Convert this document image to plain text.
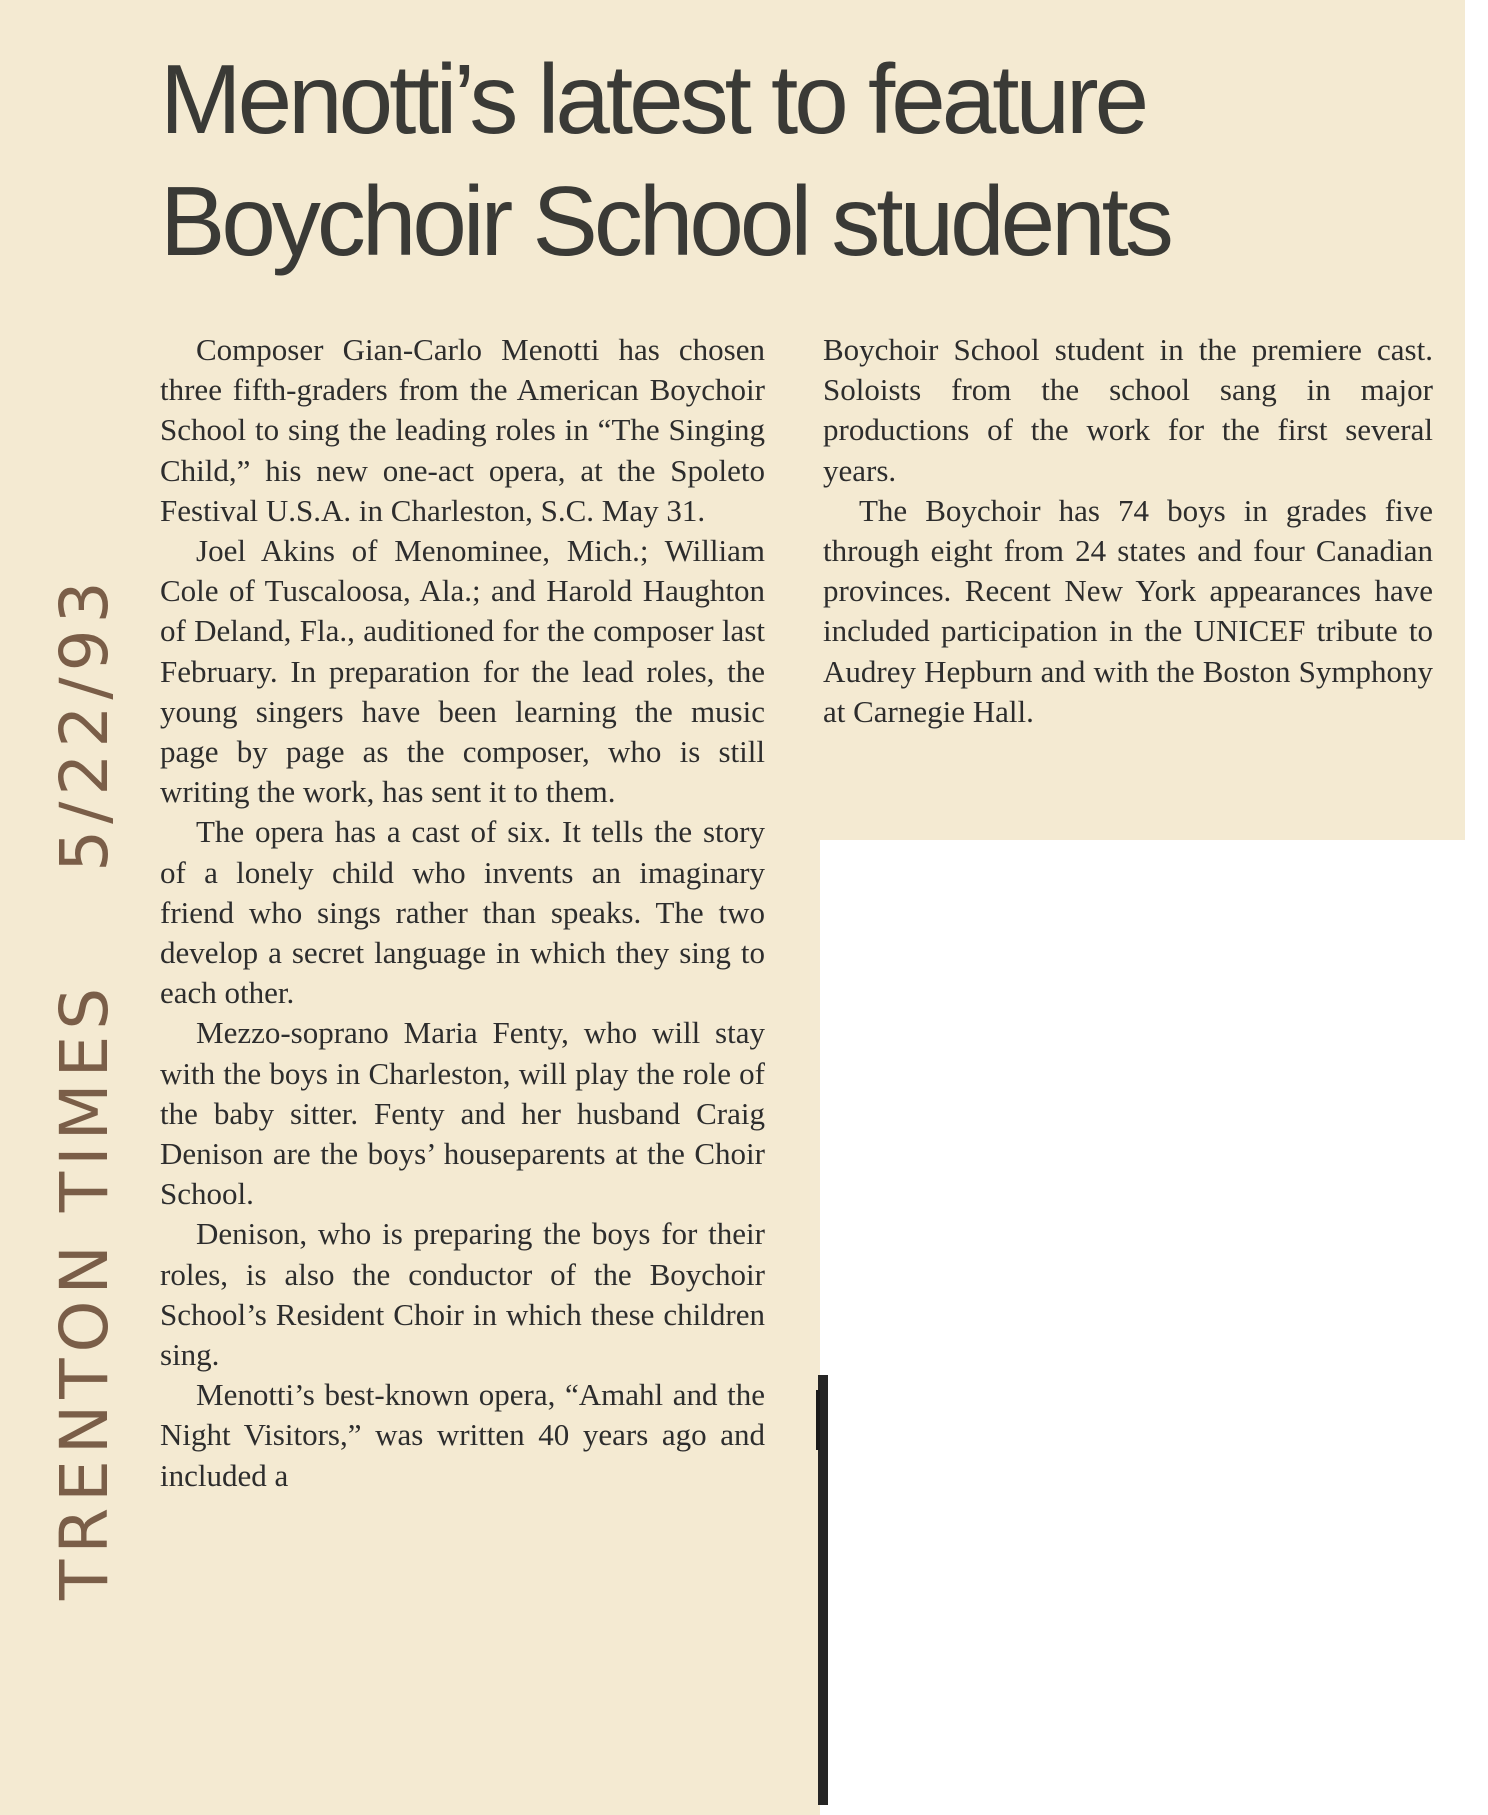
Menotti’s latest to feature
Boychoir School students
TRENTON TIMES5/22/93

Composer Gian-Carlo Menotti has chosen three fifth-graders from the American Boychoir School to sing the leading roles in “The Singing Child,” his new one-act opera, at the Spoleto Festival U.S.A. in Charleston, S.C. May 31.

Joel Akins of Menominee, Mich.; William Cole of Tuscaloosa, Ala.; and Harold Haughton of Deland, Fla., auditioned for the composer last February. In preparation for the lead roles, the young singers have been learning the music page by page as the composer, who is still writing the work, has sent it to them.

The opera has a cast of six. It tells the story of a lonely child who invents an imaginary friend who sings rather than speaks. The two develop a secret language in which they sing to each other.

Mezzo-soprano Maria Fenty, who will stay with the boys in Charleston, will play the role of the baby sitter. Fenty and her husband Craig Denison are the boys’ houseparents at the Choir School.

Denison, who is preparing the boys for their roles, is also the conductor of the Boychoir School’s Resident Choir in which these children sing.

Menotti’s best-known opera, “Amahl and the Night Visitors,” was written 40 years ago and included a

Boychoir School student in the premiere cast. Soloists from the school sang in major productions of the work for the first several years.

The Boychoir has 74 boys in grades five through eight from 24 states and four Canadian provinces. Recent New York appearances have included participation in the UNICEF tribute to Audrey Hepburn and with the Boston Symphony at Carnegie Hall.
